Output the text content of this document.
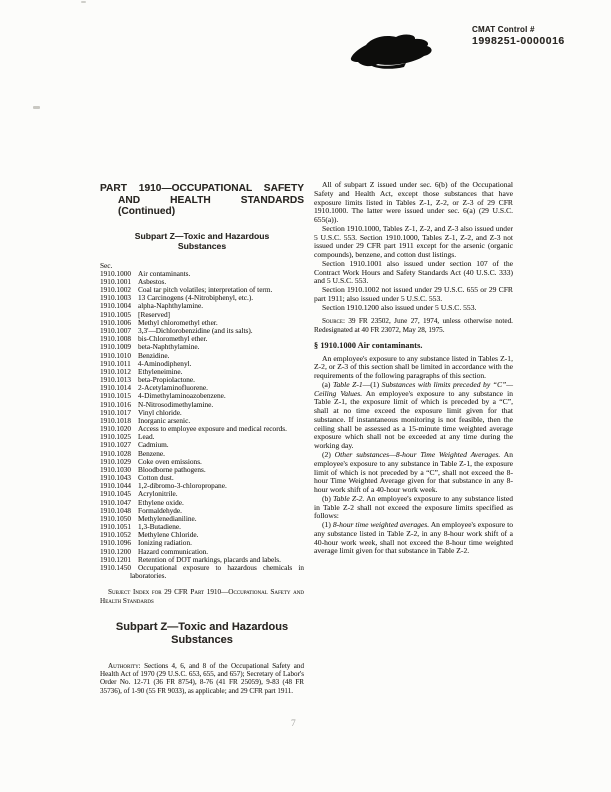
CMAT Control #
1998251-0000016
PART 1910—OCCUPATIONAL SAFETY AND HEALTH STANDARDS (Continued)
Subpart Z—Toxic and Hazardous Substances
Sec.
1910.1000 Air contaminants.
1910.1001 Asbestos.
1910.1002 Coal tar pitch volatiles; interpretation of term.
1910.1003 13 Carcinogens (4-Nitrobiphenyl, etc.).
1910.1004 alpha-Naphthylamine.
1910.1005 [Reserved]
1910.1006 Methyl chloromethyl ether.
1910.1007 3,3'—Dichlorobenzidine (and its salts).
1910.1008 bis-Chloromethyl ether.
1910.1009 beta-Naphthylamine.
1910.1010 Benzidine.
1910.1011 4-Aminodiphenyl.
1910.1012 Ethyleneimine.
1910.1013 beta-Propiolactone.
1910.1014 2-Acetylaminofluorene.
1910.1015 4-Dimethylaminoazobenzene.
1910.1016 N-Nitrosodimethylamine.
1910.1017 Vinyl chloride.
1910.1018 Inorganic arsenic.
1910.1020 Access to employee exposure and medical records.
1910.1025 Lead.
1910.1027 Cadmium.
1910.1028 Benzene.
1910.1029 Coke oven emissions.
1910.1030 Bloodborne pathogens.
1910.1043 Cotton dust.
1910.1044 1,2-dibromo-3-chloropropane.
1910.1045 Acrylonitrile.
1910.1047 Ethylene oxide.
1910.1048 Formaldehyde.
1910.1050 Methylenedianiline.
1910.1051 1,3-Butadiene.
1910.1052 Methylene Chloride.
1910.1096 Ionizing radiation.
1910.1200 Hazard communication.
1910.1201 Retention of DOT markings, placards and labels.
1910.1450 Occupational exposure to hazardous chemicals in laboratories.
Subject Index for 29 CFR Part 1910—Occupational Safety and Health Standards
Subpart Z—Toxic and Hazardous Substances

Authority: Sections 4, 6, and 8 of the Occupational Safety and Health Act of 1970 (29 U.S.C. 653, 655, and 657); Secretary of Labor's Order No. 12-71 (36 FR 8754), 8-76 (41 FR 25059), 9-83 (48 FR 35736), of 1-90 (55 FR 9033), as applicable; and 29 CFR part 1911.

All of subpart Z issued under sec. 6(b) of the Occupational Safety and Health Act, except those substances that have exposure limits listed in Tables Z-1, Z-2, or Z-3 of 29 CFR 1910.1000. The latter were issued under sec. 6(a) (29 U.S.C. 655(a)).

Section 1910.1000, Tables Z-1, Z-2, and Z-3 also issued under 5 U.S.C. 553. Section 1910.1000, Tables Z-1, Z-2, and Z-3 not issued under 29 CFR part 1911 except for the arsenic (organic compounds), benzene, and cotton dust listings.

Section 1910.1001 also issued under section 107 of the Contract Work Hours and Safety Standards Act (40 U.S.C. 333) and 5 U.S.C. 553.

Section 1910.1002 not issued under 29 U.S.C. 655 or 29 CFR part 1911; also issued under 5 U.S.C. 553.

Section 1910.1200 also issued under 5 U.S.C. 553.

Source: 39 FR 23502, June 27, 1974, unless otherwise noted. Redesignated at 40 FR 23072, May 28, 1975.

§ 1910.1000 Air contaminants.

An employee's exposure to any substance listed in Tables Z-1, Z-2, or Z-3 of this section shall be limited in accordance with the requirements of the following paragraphs of this section.

(a) Table Z-1—(1) Substances with limits preceded by “C”—Ceiling Values. An employee's exposure to any substance in Table Z-1, the exposure limit of which is preceded by a “C”, shall at no time exceed the exposure limit given for that substance. If instantaneous monitoring is not feasible, then the ceiling shall be assessed as a 15-minute time weighted average exposure which shall not be exceeded at any time during the working day.

(2) Other substances—8-hour Time Weighted Averages. An employee's exposure to any substance in Table Z-1, the exposure limit of which is not preceded by a “C”, shall not exceed the 8-hour Time Weighted Average given for that substance in any 8-hour work shift of a 40-hour work week.

(b) Table Z-2. An employee's exposure to any substance listed in Table Z-2 shall not exceed the exposure limits specified as follows:

(1) 8-hour time weighted averages. An employee's exposure to any substance listed in Table Z-2, in any 8-hour work shift of a 40-hour work week, shall not exceed the 8-hour time weighted average limit given for that substance in Table Z-2.

7
